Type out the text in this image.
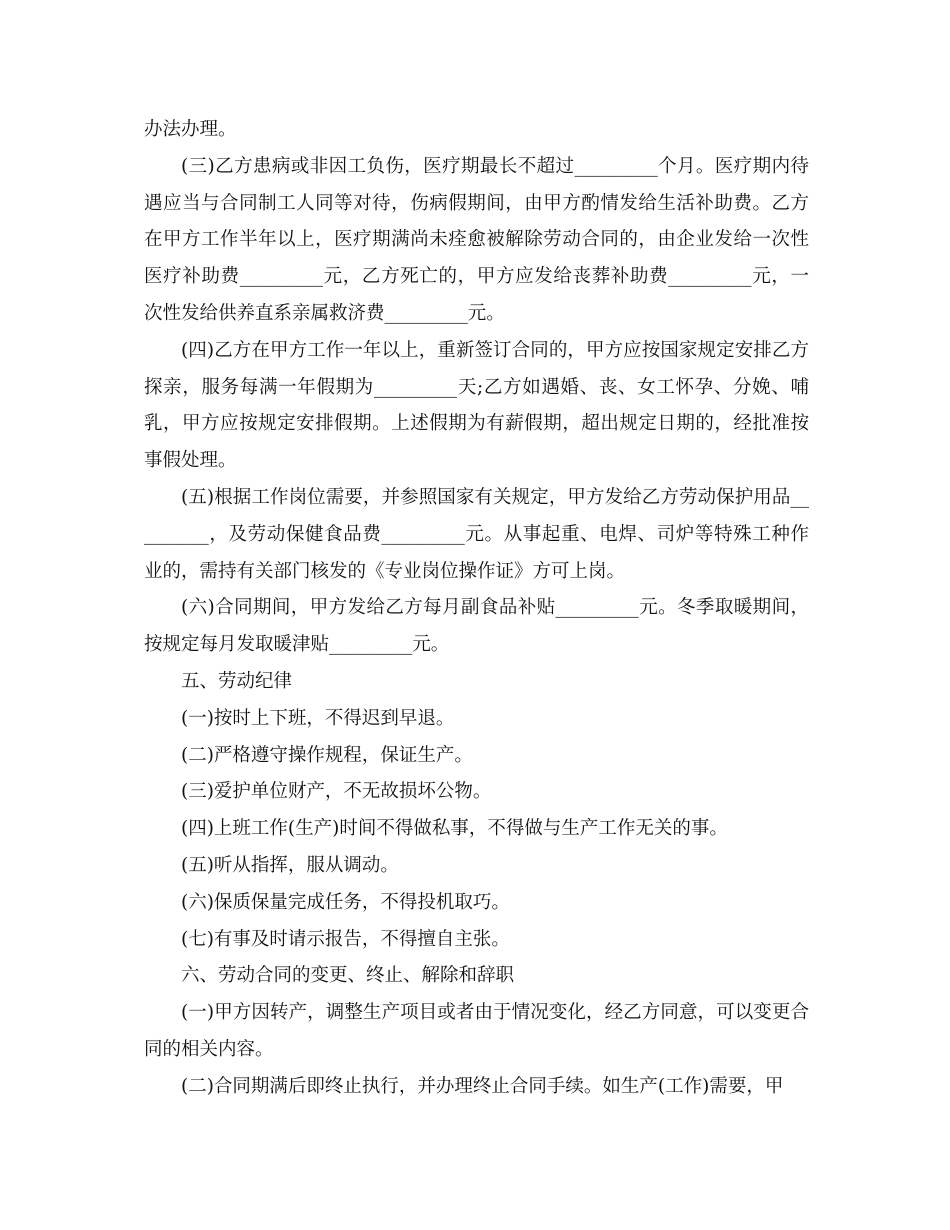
办法办理。

(三)乙方患病或非因工负伤，医疗期最长不超过_________个月。医疗期内待遇应当与合同制工人同等对待，伤病假期间，由甲方酌情发给生活补助费。乙方在甲方工作半年以上，医疗期满尚未痊愈被解除劳动合同的，由企业发给一次性医疗补助费_________元，乙方死亡的，甲方应发给丧葬补助费_________元，一次性发给供养直系亲属救济费_________元。

(四)乙方在甲方工作一年以上，重新签订合同的，甲方应按国家规定安排乙方探亲，服务每满一年假期为_________天;乙方如遇婚、丧、女工怀孕、分娩、哺乳，甲方应按规定安排假期。上述假期为有薪假期，超出规定日期的，经批准按事假处理。

(五)根据工作岗位需要，并参照国家有关规定，甲方发给乙方劳动保护用品_________，及劳动保健食品费_________元。从事起重、电焊、司炉等特殊工种作业的，需持有关部门核发的《专业岗位操作证》方可上岗。

(六)合同期间，甲方发给乙方每月副食品补贴_________元。冬季取暖期间，按规定每月发取暖津贴_________元。

五、劳动纪律

(一)按时上下班，不得迟到早退。

(二)严格遵守操作规程，保证生产。

(三)爱护单位财产，不无故损坏公物。

(四)上班工作(生产)时间不得做私事，不得做与生产工作无关的事。

(五)听从指挥，服从调动。

(六)保质保量完成任务，不得投机取巧。

(七)有事及时请示报告，不得擅自主张。

六、劳动合同的变更、终止、解除和辞职

(一)甲方因转产，调整生产项目或者由于情况变化，经乙方同意，可以变更合同的相关内容。

(二)合同期满后即终止执行，并办理终止合同手续。如生产(工作)需要，甲
